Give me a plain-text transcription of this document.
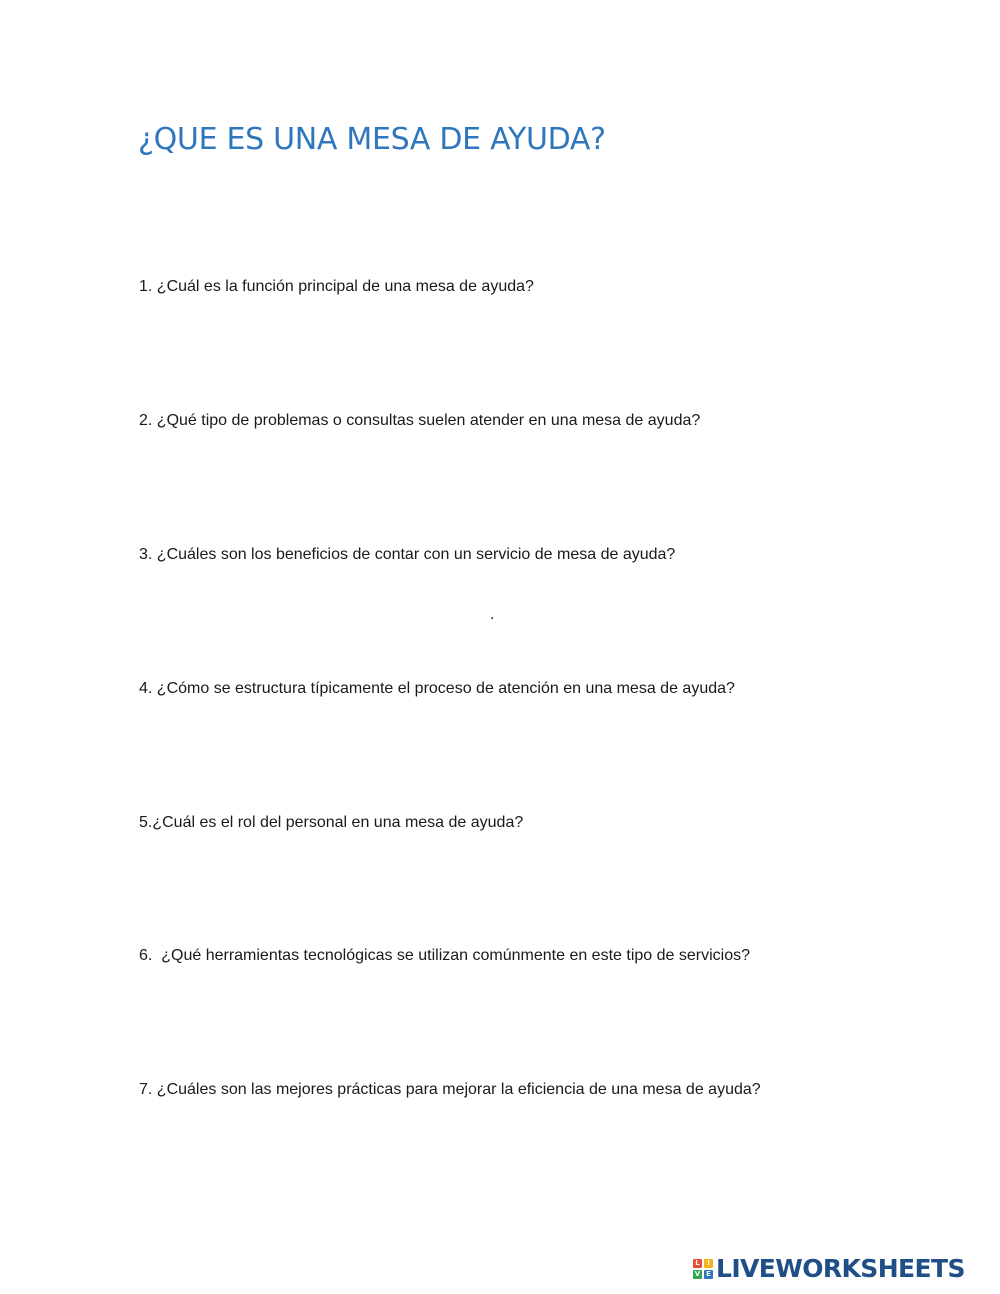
¿QUE ES UNA MESA DE AYUDA?

1. ¿Cuál es la función principal de una mesa de ayuda?

2. ¿Qué tipo de problemas o consultas suelen atender en una mesa de ayuda?

3. ¿Cuáles son los beneficios de contar con un servicio de mesa de ayuda?

.

4. ¿Cómo se estructura típicamente el proceso de atención en una mesa de ayuda?

5.¿Cuál es el rol del personal en una mesa de ayuda?

6.  ¿Qué herramientas tecnológicas se utilizan comúnmente en este tipo de servicios?

7. ¿Cuáles son las mejores prácticas para mejorar la eficiencia de una mesa de ayuda?

L	I
V E LIVEWORKSHEETS
